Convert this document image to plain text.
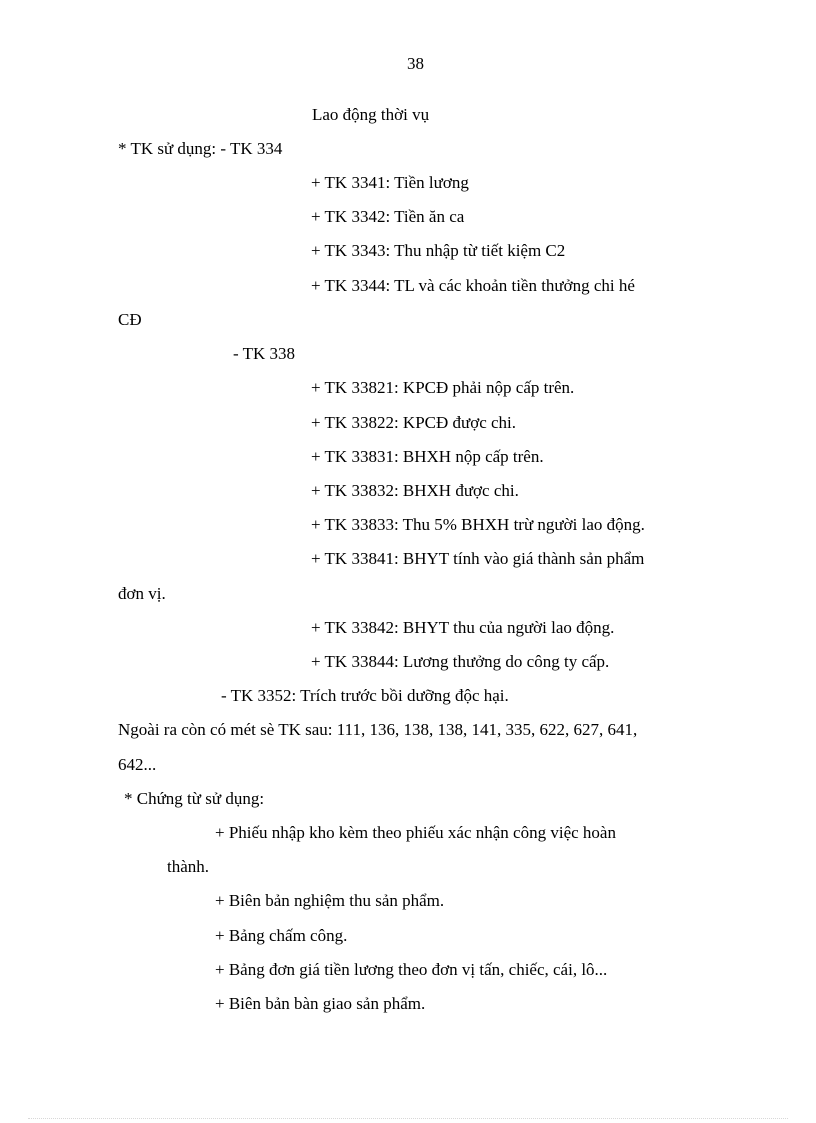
38
Lao động thời vụ
* TK sử dụng: - TK 334
+ TK 3341: Tiền lương
+ TK 3342: Tiền ăn ca
+ TK 3343: Thu nhập từ tiết kiệm C2
+ TK 3344: TL và các khoản tiền thưởng chi hé
CĐ
- TK 338
+ TK 33821: KPCĐ phải nộp cấp trên.
+ TK 33822: KPCĐ được chi.
+ TK 33831: BHXH nộp cấp trên.
+ TK 33832: BHXH được chi.
+ TK 33833: Thu 5% BHXH trừ người lao động.
+ TK 33841: BHYT tính vào giá thành sản phẩm
đơn vị.
+ TK 33842: BHYT thu của người lao động.
+ TK 33844: Lương thưởng do công ty cấp.
- TK 3352: Trích trước bồi dưỡng độc hại.
Ngoài ra còn có mét sè TK sau: 111, 136, 138, 138, 141, 335, 622, 627, 641,
642...
* Chứng từ sử dụng:
+ Phiếu nhập kho kèm theo phiếu xác nhận công việc hoàn
thành.
+ Biên bản nghiệm thu sản phẩm.
+ Bảng chấm công.
+ Bảng đơn giá tiền lương theo đơn vị tấn, chiếc, cái, lô...
+ Biên bản bàn giao sản phẩm.
